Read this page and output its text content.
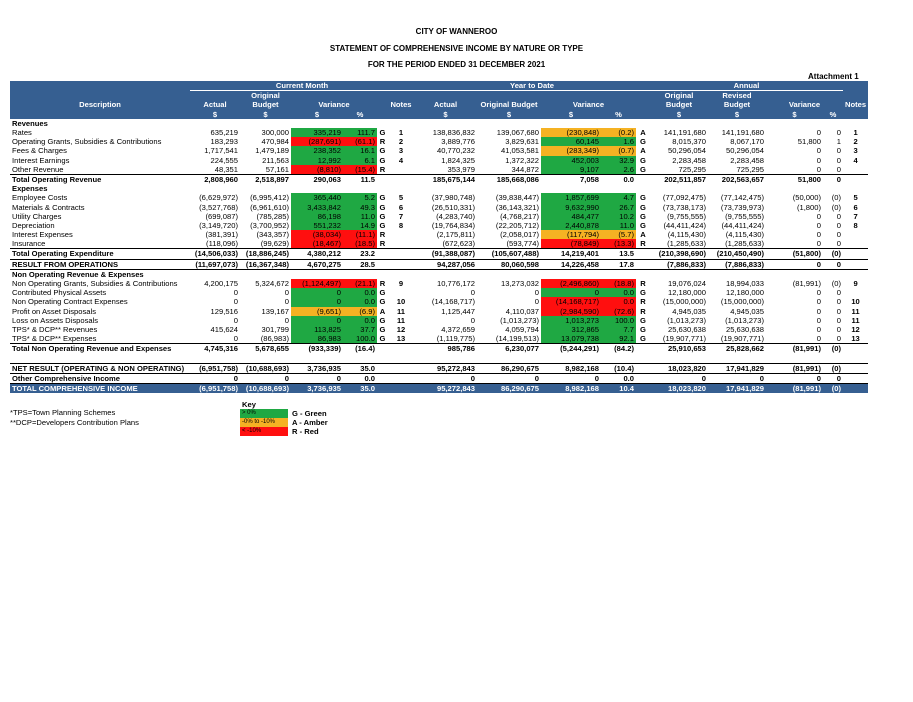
CITY OF WANNEROO
STATEMENT OF COMPREHENSIVE INCOME BY NATURE OR TYPE
FOR THE PERIOD ENDED 31 DECEMBER 2021
Attachment 1
	Current Month						Year to Date					Annual				
		Original										Original	Revised			
Description	Actual	Budget	Variance			Notes	Actual	Original Budget	Variance			Budget	Budget	Variance		Notes
	$	$	$	%			$	$	$	%		$	$	$	%	
Revenues																
Rates	635,219	300,000	335,219	111.7	G	1	138,836,832	139,067,680	(230,848)	(0.2)	A	141,191,680	141,191,680	0	0	1
Operating Grants, Subsidies & Contributions	183,293	470,984	(287,691)	(61.1)	R	2	3,889,776	3,829,631	60,145	1.6	G	8,015,370	8,067,170	51,800	1	2
Fees & Charges	1,717,541	1,479,189	238,352	16.1	G	3	40,770,232	41,053,581	(283,349)	(0.7)	A	50,296,054	50,296,054	0	0	3
Interest Earnings	224,555	211,563	12,992	6.1	G	4	1,824,325	1,372,322	452,003	32.9	G	2,283,458	2,283,458	0	0	4
Other Revenue	48,351	57,161	(8,810)	(15.4)	R		353,979	344,872	9,107	2.6	G	725,295	725,295	0	0	
Total Operating Revenue	2,808,960	2,518,897	290,063	11.5			185,675,144	185,668,086	7,058	0.0		202,511,857	202,563,657	51,800	0	
Expenses																
Employee Costs	(6,629,972)	(6,995,412)	365,440	5.2	G	5	(37,980,748)	(39,838,447)	1,857,699	4.7	G	(77,092,475)	(77,142,475)	(50,000)	(0)	5
Materials & Contracts	(3,527,768)	(6,961,610)	3,433,842	49.3	G	6	(26,510,331)	(36,143,321)	9,632,990	26.7	G	(73,738,173)	(73,739,973)	(1,800)	(0)	6
Utility Charges	(699,087)	(785,285)	86,198	11.0	G	7	(4,283,740)	(4,768,217)	484,477	10.2	G	(9,755,555)	(9,755,555)	0	0	7
Depreciation	(3,149,720)	(3,700,952)	551,232	14.9	G	8	(19,764,834)	(22,205,712)	2,440,878	11.0	G	(44,411,424)	(44,411,424)	0	0	8
Interest Expenses	(381,391)	(343,357)	(38,034)	(11.1)	R		(2,175,811)	(2,058,017)	(117,794)	(5.7)	A	(4,115,430)	(4,115,430)	0	0	
Insurance	(118,096)	(99,629)	(18,467)	(18.5)	R		(672,623)	(593,774)	(78,849)	(13.3)	R	(1,285,633)	(1,285,633)	0	0	
Total Operating Expenditure	(14,506,033)	(18,886,245)	4,380,212	23.2			(91,388,087)	(105,607,488)	14,219,401	13.5		(210,398,690)	(210,450,490)	(51,800)	(0)	
RESULT FROM OPERATIONS	(11,697,073)	(16,367,348)	4,670,275	28.5			94,287,056	80,060,598	14,226,458	17.8		(7,886,833)	(7,886,833)	0	0	
Non Operating Revenue & Expenses																
Non Operating Grants, Subsidies & Contributions	4,200,175	5,324,672	(1,124,497)	(21.1)	R	9	10,776,172	13,273,032	(2,496,860)	(18.8)	R	19,076,024	18,994,033	(81,991)	(0)	9
Contributed Physical Assets	0	0	0	0.0	G		0	0	0	0.0	G	12,180,000	12,180,000	0	0	
Non Operating Contract Expenses	0	0	0	0.0	G	10	(14,168,717)	0	(14,168,717)	0.0	R	(15,000,000)	(15,000,000)	0	0	10
Profit on Asset Disposals	129,516	139,167	(9,651)	(6.9)	A	11	1,125,447	4,110,037	(2,984,590)	(72.6)	R	4,945,035	4,945,035	0	0	11
Loss on Assets Disposals	0	0	0	0.0	G	11	0	(1,013,273)	1,013,273	100.0	G	(1,013,273)	(1,013,273)	0	0	11
TPS* & DCP** Revenues	415,624	301,799	113,825	37.7	G	12	4,372,659	4,059,794	312,865	7.7	G	25,630,638	25,630,638	0	0	12
TPS* & DCP** Expenses	0	(86,983)	86,983	100.0	G	13	(1,119,775)	(14,199,513)	13,079,738	92.1	G	(19,907,771)	(19,907,771)	0	0	13
Total Non Operating Revenue and Expenses	4,745,316	5,678,655	(933,339)	(16.4)			985,786	6,230,077	(5,244,291)	(84.2)		25,910,653	25,828,662	(81,991)	(0)	

NET RESULT (OPERATING & NON OPERATING)	(6,951,758)	(10,688,693)	3,736,935	35.0			95,272,843	86,290,675	8,982,168	(10.4)		18,023,820	17,941,829	(81,991)	(0)	
Other Comprehensive Income	0	0	0	0.0			0	0	0	0.0		0	0	0	0	
TOTAL COMPREHENSIVE INCOME	(6,951,758)	(10,688,693)	3,736,935	35.0			95,272,843	86,290,675	8,982,168	10.4		18,023,820	17,941,829	(81,991)	(0)	
*TPS=Town Planning Schemes
**DCP=Developers Contribution Plans
Key
> 0%	G - Green
-0% to -10%	A - Amber
< -10%	R - Red
